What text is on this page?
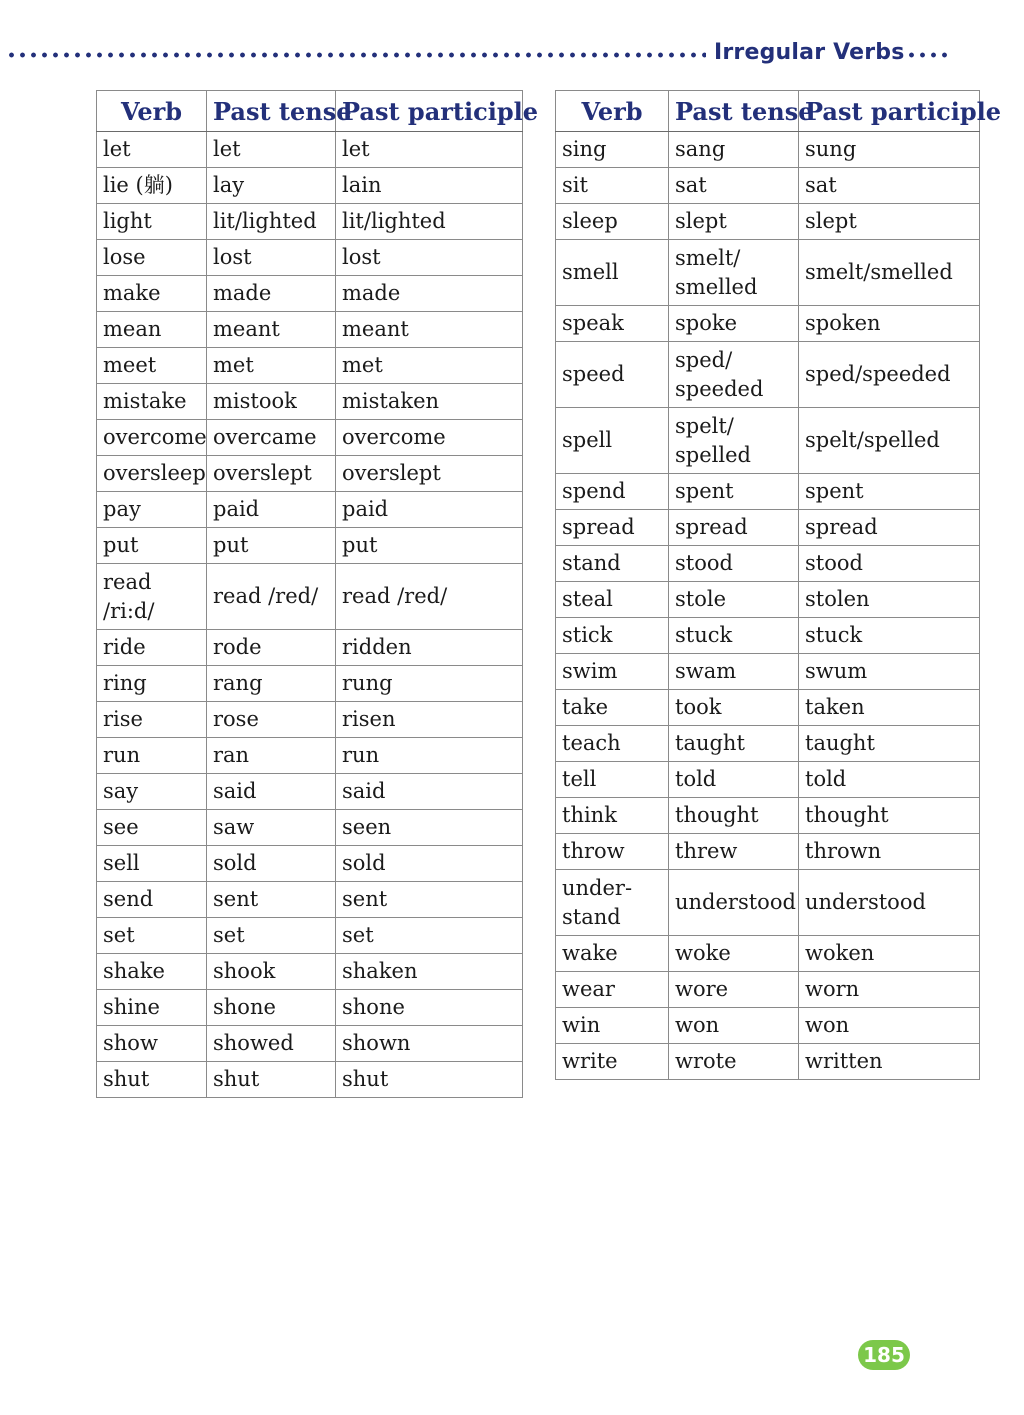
Irregular Verbs
Verb	Past tense	Past participle
let	let	let
lie (躺)	lay	lain
light	lit/lighted	lit/lighted
lose	lost	lost
make	made	made
mean	meant	meant
meet	met	met
mistake	mistook	mistaken
overcome	overcame	overcome
oversleep	overslept	overslept
pay	paid	paid
put	put	put
read /ri:d/	read /red/	read /red/
ride	rode	ridden
ring	rang	rung
rise	rose	risen
run	ran	run
say	said	said
see	saw	seen
sell	sold	sold
send	sent	sent
set	set	set
shake	shook	shaken
shine	shone	shone
show	showed	shown
shut	shut	shut
Verb	Past tense	Past participle
sing	sang	sung
sit	sat	sat
sleep	slept	slept
smell	smelt/ smelled	smelt/smelled
speak	spoke	spoken
speed	sped/ speeded	sped/speeded
spell	spelt/ spelled	spelt/spelled
spend	spent	spent
spread	spread	spread
stand	stood	stood
steal	stole	stolen
stick	stuck	stuck
swim	swam	swum
take	took	taken
teach	taught	taught
tell	told	told
think	thought	thought
throw	threw	thrown
under- stand	understood	understood
wake	woke	woken
wear	wore	worn
win	won	won
write	wrote	written
185
